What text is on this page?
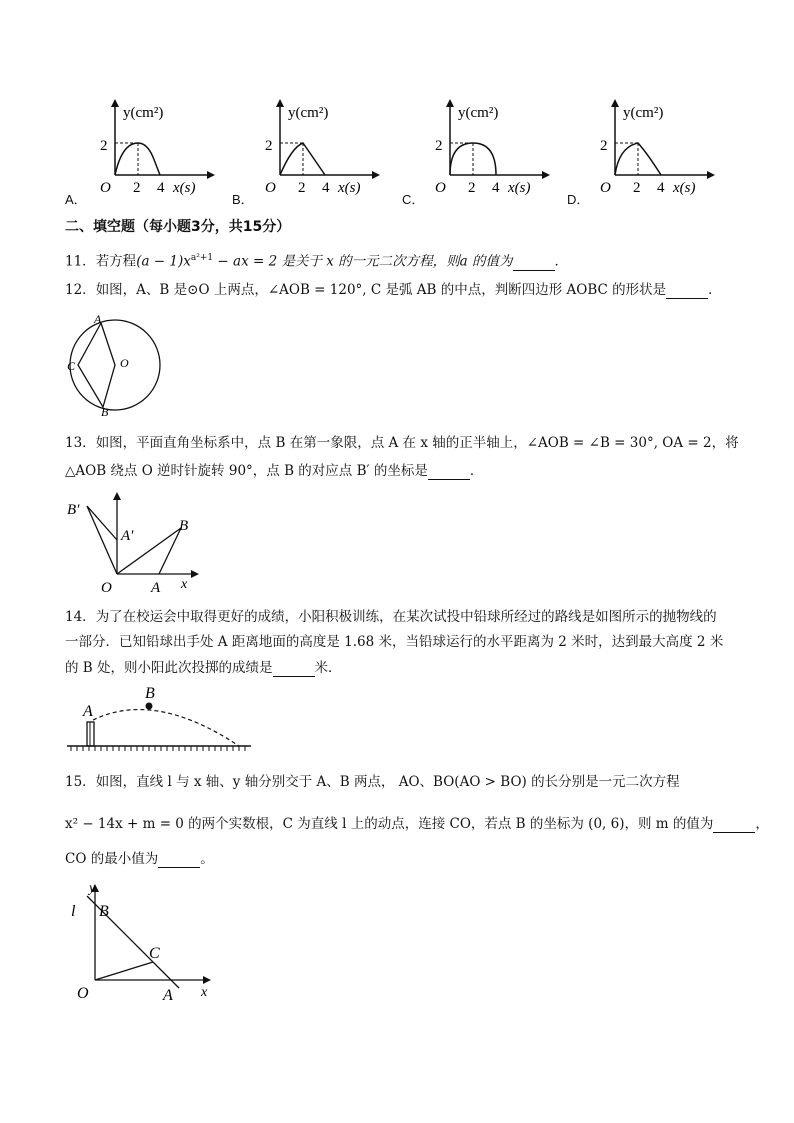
A．
y(cm²)
2
O 2 4 x(s)
B．
y(cm²)
2
O 2 4 x(s)
C．
y(cm²)
2
O 2 4 x(s)
D．
y(cm²)
2
O 2 4 x(s)
二、填空题（每小题3分，共15分）
11．若方程$(a - 1)x^{a^2+1}$ − ax = 2 是关于 x 的一元二次方程，则a 的值为	．
12．如图，A、B 是⊙O 上两点，∠AOB = 120°, C 是弧 AB 的中点，判断四边形 AOBC 的形状是	．
A
C	O
B
13．如图，平面直角坐标系中，点 B 在第一象限，点 A 在 x 轴的正半轴上，∠AOB = ∠B = 30°, OA = 2，将
△AOB 绕点 O 逆时针旋转 90°，点 B 的对应点 B′ 的坐标是	．
B′
A′
B
O	A x
14．为了在校运会中取得更好的成绩，小阳积极训练，在某次试投中铅球所经过的路线是如图所示的抛物线的
一部分．已知铅球出手处 A 距离地面的高度是 1.68 米，当铅球运行的水平距离为 2 米时，达到最大高度 2 米
的 B 处，则小阳此次投掷的成绩是	米．
A
B
15．如图，直线 l 与 x 轴、y 轴分别交于 A、B 两点， AO、BO(AO > BO) 的长分别是一元二次方程
x² − 14x + m = 0 的两个实数根，C 为直线 l 上的动点，连接 CO，若点 B 的坐标为 (0, 6)，则 m 的值为	，
CO 的最小值为	。
y
l B
C
O	A x
